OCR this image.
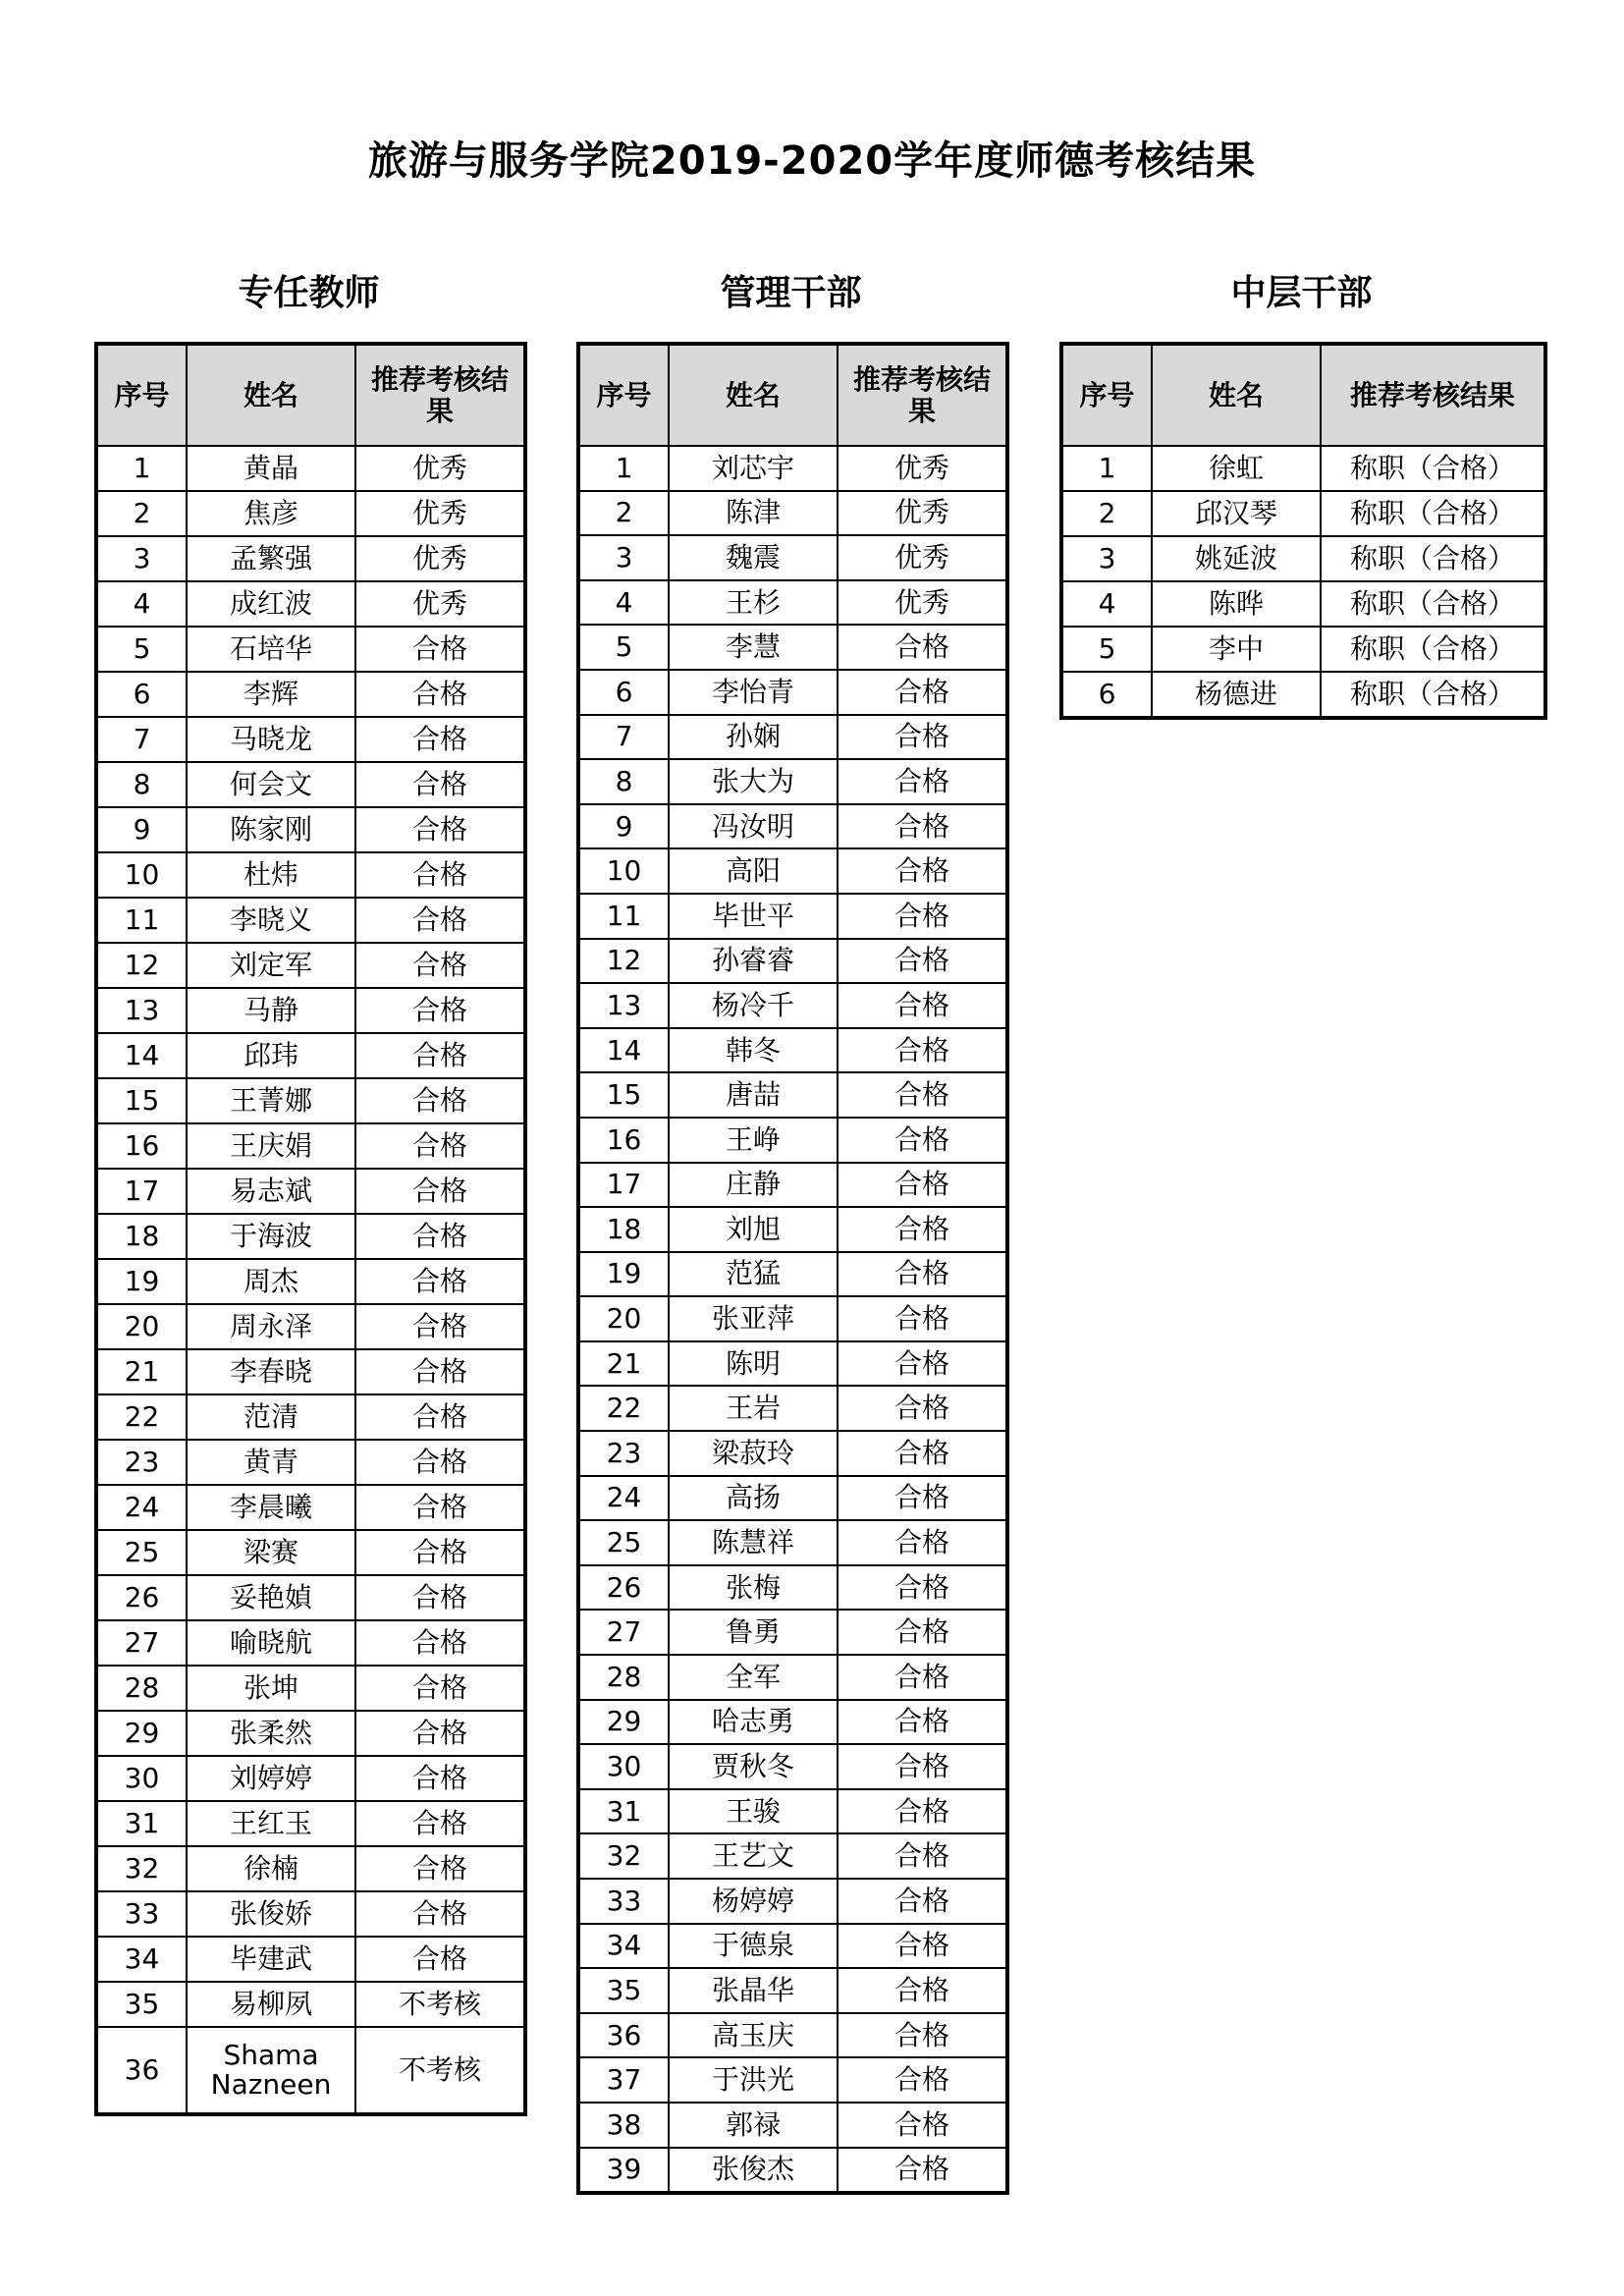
旅游与服务学院2019-2020学年度师德考核结果
专任教师	管理干部	中层干部
序号	姓名	推荐考核结果
1	黄晶	优秀
2	焦彦	优秀
3	孟繁强	优秀
4	成红波	优秀
5	石培华	合格
6	李辉	合格
7	马晓龙	合格
8	何会文	合格
9	陈家刚	合格
10	杜炜	合格
11	李晓义	合格
12	刘定军	合格
13	马静	合格
14	邱玮	合格
15	王菁娜	合格
16	王庆娟	合格
17	易志斌	合格
18	于海波	合格
19	周杰	合格
20	周永泽	合格
21	李春晓	合格
22	范清	合格
23	黄青	合格
24	李晨曦	合格
25	梁赛	合格
26	妥艳媜	合格
27	喻晓航	合格
28	张坤	合格
29	张柔然	合格
30	刘婷婷	合格
31	王红玉	合格
32	徐楠	合格
33	张俊娇	合格
34	毕建武	合格
35	易柳夙	不考核
36	Shama Nazneen	不考核
序号	姓名	推荐考核结果
1	刘芯宇	优秀
2	陈津	优秀
3	魏震	优秀
4	王杉	优秀
5	李慧	合格
6	李怡青	合格
7	孙娴	合格
8	张大为	合格
9	冯汝明	合格
10	高阳	合格
11	毕世平	合格
12	孙睿睿	合格
13	杨冷千	合格
14	韩冬	合格
15	唐喆	合格
16	王峥	合格
17	庄静	合格
18	刘旭	合格
19	范猛	合格
20	张亚萍	合格
21	陈明	合格
22	王岩	合格
23	梁菽玲	合格
24	高扬	合格
25	陈慧祥	合格
26	张梅	合格
27	鲁勇	合格
28	全军	合格
29	哈志勇	合格
30	贾秋冬	合格
31	王骏	合格
32	王艺文	合格
33	杨婷婷	合格
34	于德泉	合格
35	张晶华	合格
36	高玉庆	合格
37	于洪光	合格
38	郭禄	合格
39	张俊杰	合格
序号	姓名	推荐考核结果
1	徐虹	称职（合格）
2	邱汉琴	称职（合格）
3	姚延波	称职（合格）
4	陈晔	称职（合格）
5	李中	称职（合格）
6	杨德进	称职（合格）
